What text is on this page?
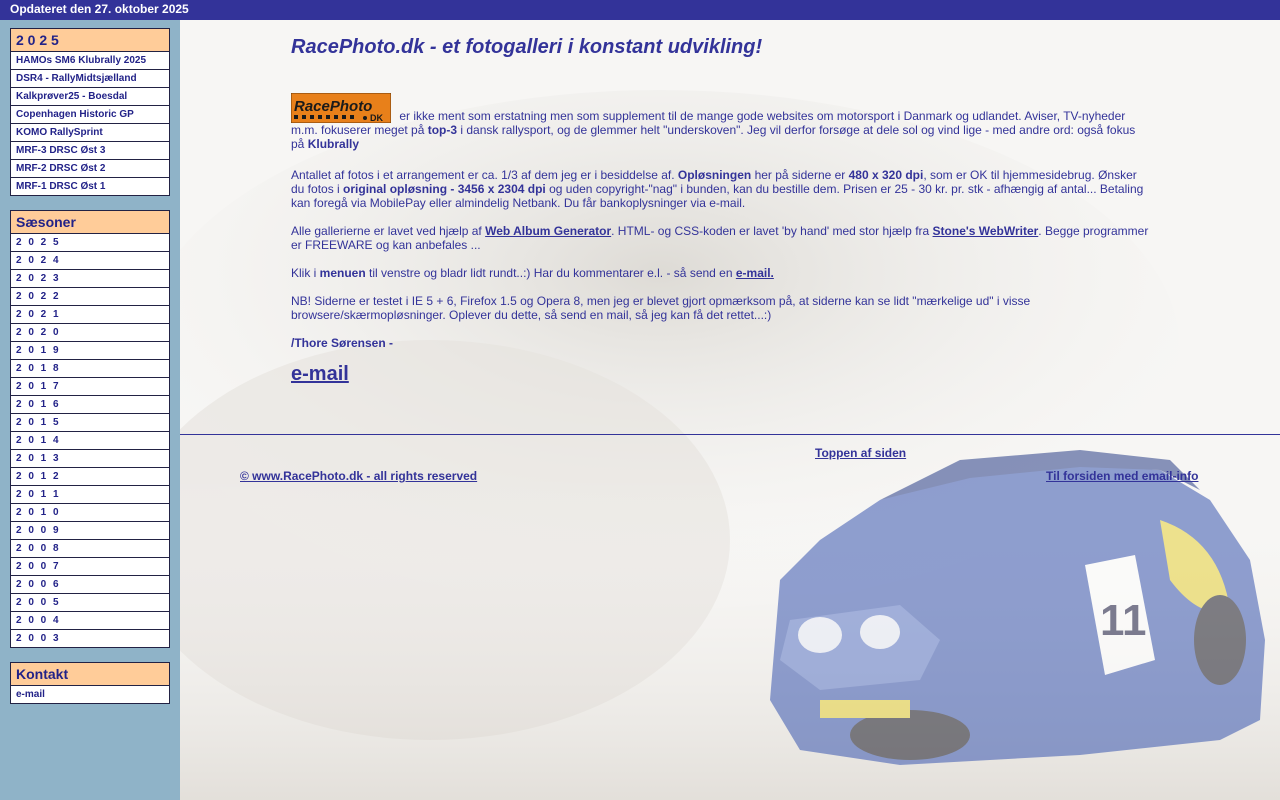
Opdateret den 27. oktober 2025
2 0 2 5
HAMOs SM6 Klubrally 2025
DSR4 - RallyMidtsjælland
Kalkprøver25 - Boesdal
Copenhagen Historic GP
KOMO RallySprint
MRF-3 DRSC Øst 3
MRF-2 DRSC Øst 2
MRF-1 DRSC Øst 1
Sæsoner
2 0 2 5
2 0 2 4
2 0 2 3
2 0 2 2
2 0 2 1
2 0 2 0
2 0 1 9
2 0 1 8
2 0 1 7
2 0 1 6
2 0 1 5
2 0 1 4
2 0 1 3
2 0 1 2
2 0 1 1
2 0 1 0
2 0 0 9
2 0 0 8
2 0 0 7
2 0 0 6
2 0 0 5
2 0 0 4
2 0 0 3
Kontakt
e-mail
11
RacePhoto.dk - et fotogalleri i konstant udvikling!

RacePhoto
DK er ikke ment som erstatning men som supplement til de mange gode websites om motorsport i Danmark og udlandet. Aviser, TV-nyheder m.m. fokuserer meget på top-3 i dansk rallysport, og de glemmer helt "underskoven". Jeg vil derfor forsøge at dele sol og vind lige - med andre ord: også fokus på Klubrally

Antallet af fotos i et arrangement er ca. 1/3 af dem jeg er i besiddelse af. Opløsningen her på siderne er 480 x 320 dpi, som er OK til hjemmesidebrug. Ønsker du fotos i original opløsning - 3456 x 2304 dpi og uden copyright-"nag" i bunden, kan du bestille dem. Prisen er 25 - 30 kr. pr. stk - afhængig af antal... Betaling kan foregå via MobilePay eller almindelig Netbank. Du får bankoplysninger via e-mail.

Alle gallerierne er lavet ved hjælp af Web Album Generator. HTML- og CSS-koden er lavet 'by hand' med stor hjælp fra Stone's WebWriter. Begge programmer er FREEWARE og kan anbefales ...

Klik i menuen til venstre og bladr lidt rundt..:) Har du kommentarer e.l. - så send en e-mail.

NB! Siderne er testet i IE 5 + 6, Firefox 1.5 og Opera 8, men jeg er blevet gjort opmærksom på, at siderne kan se lidt "mærkelige ud" i visse browsere/skærmopløsninger. Oplever du dette, så send en mail, så jeg kan få det rettet...:)

/Thore Sørensen -

e-mail
Toppen af siden
© www.RacePhoto.dk - all rights reserved	Til forsiden med email-info
